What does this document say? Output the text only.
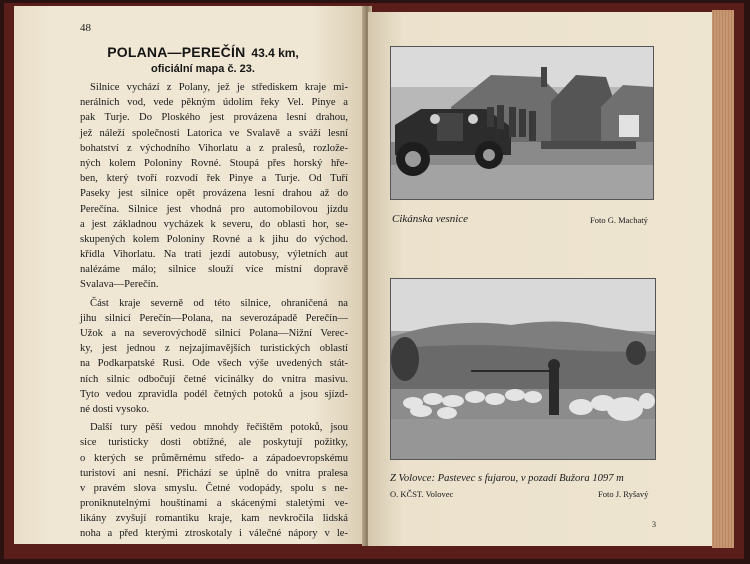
48
POLANA—PEREČÍN 43.4 km,
oficiální mapa č. 23.
Silnice vychází z Polany, jež je střediskem kraje mi-
nerálních vod, vede pěkným údolím řeky Vel. Pinye a
pak Turje. Do Ploského jest provázena lesní drahou,
jež náleží společnosti Latorica ve Svalavě a sváží lesní
bohatství z východního Vihorlatu a z pralesů, rozlože-
ných kolem Poloniny Rovné. Stoupá přes horský hře-
ben, který tvoří rozvodí řek Pinye a Turje. Od Tuří
Paseky jest silnice opět provázena lesní drahou až do
Perečína. Silnice jest vhodná pro automobilovou jízdu
a jest základnou vycházek k severu, do oblasti hor, se-
skupených kolem Poloniny Rovné a k jihu do východ.
křídla Vihorlatu. Na trati jezdí autobusy, výletních aut
nalézáme málo; silnice slouží více místní dopravě
Svalava—Perečín.
Část kraje severně od této silnice, ohraničená na
jihu silnicí Perečín—Polana, na severozápadě Perečín—
Užok a na severovýchodě silnicí Polana—Nižní Verec-
ky, jest jednou z nejzajímavějších turistických oblastí
na Podkarpatské Rusi. Ode všech výše uvedených stát-
ních silnic odbočují četné vicinálky do vnitra masivu.
Tyto vedou zpravidla podél četných potoků a jsou sjízd-
né dosti vysoko.
Další tury pěší vedou mnohdy řečištěm potoků, jsou
sice turisticky dosti obtížné, ale poskytují požitky,
o kterých se průměrnému středo- a západoevropskému
turistovi ani nesní. Přichází se úplně do vnitra pralesa
v pravém slova smyslu. Četné vodopády, spolu s ne-
proniknutelnými houštinami a skácenými staletými ve-
likány zvyšují romantiku kraje, kam nevkročila lidská
noha a před kterými ztroskotaly i válečné nápory v le-
Cikánska vesnice	Foto G. Machatý
Z Volovce: Pastevec s fujarou, v pozadí Bužora 1097 m
O. KČST. Volovec	Foto J. Ryšavý
3
